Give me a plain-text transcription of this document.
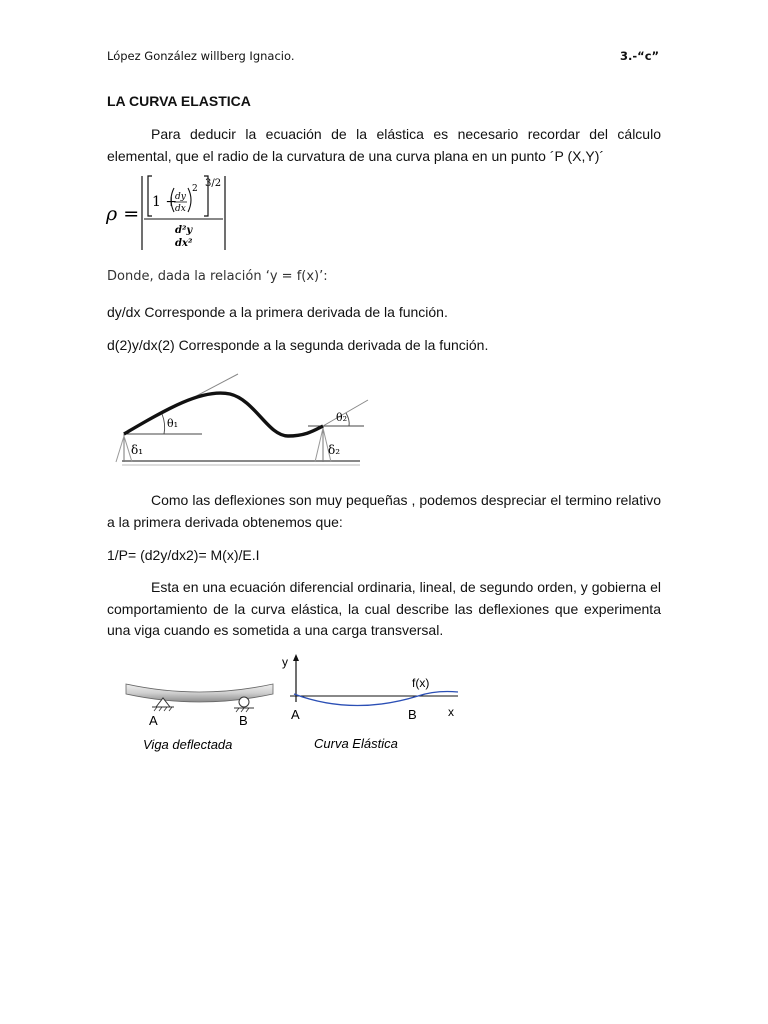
López González willberg Ignacio.	3.-“c”
LA CURVA ELASTICA
Para deducir la ecuación de la elástica es necesario recordar del cálculo elemental, que el radio de la curvatura de una curva plana en un punto ´P (X,Y)´
ρ =
1 +
dy
dx
2 3/2
d²y
dx²
Donde, dada la relación ‘y = f(x)’:
dy/dx Corresponde a la primera derivada de la función.
d(2)y/dx(2) Corresponde a la segunda derivada de la función.
θ₁	θ₂
δ₁	δ₂
Como las deflexiones son muy pequeñas , podemos despreciar el termino relativo a la primera derivada obtenemos que:
1/P= (d2y/dx2)= M(x)/E.I
Esta en una ecuación diferencial ordinaria, lineal, de segundo orden, y gobierna el comportamiento de la curva elástica, la cual describe las deflexiones que experimenta una viga cuando es sometida a una carga transversal.
A	B
Viga deflectada
y
x
f(x)
A	B
Curva Elástica
